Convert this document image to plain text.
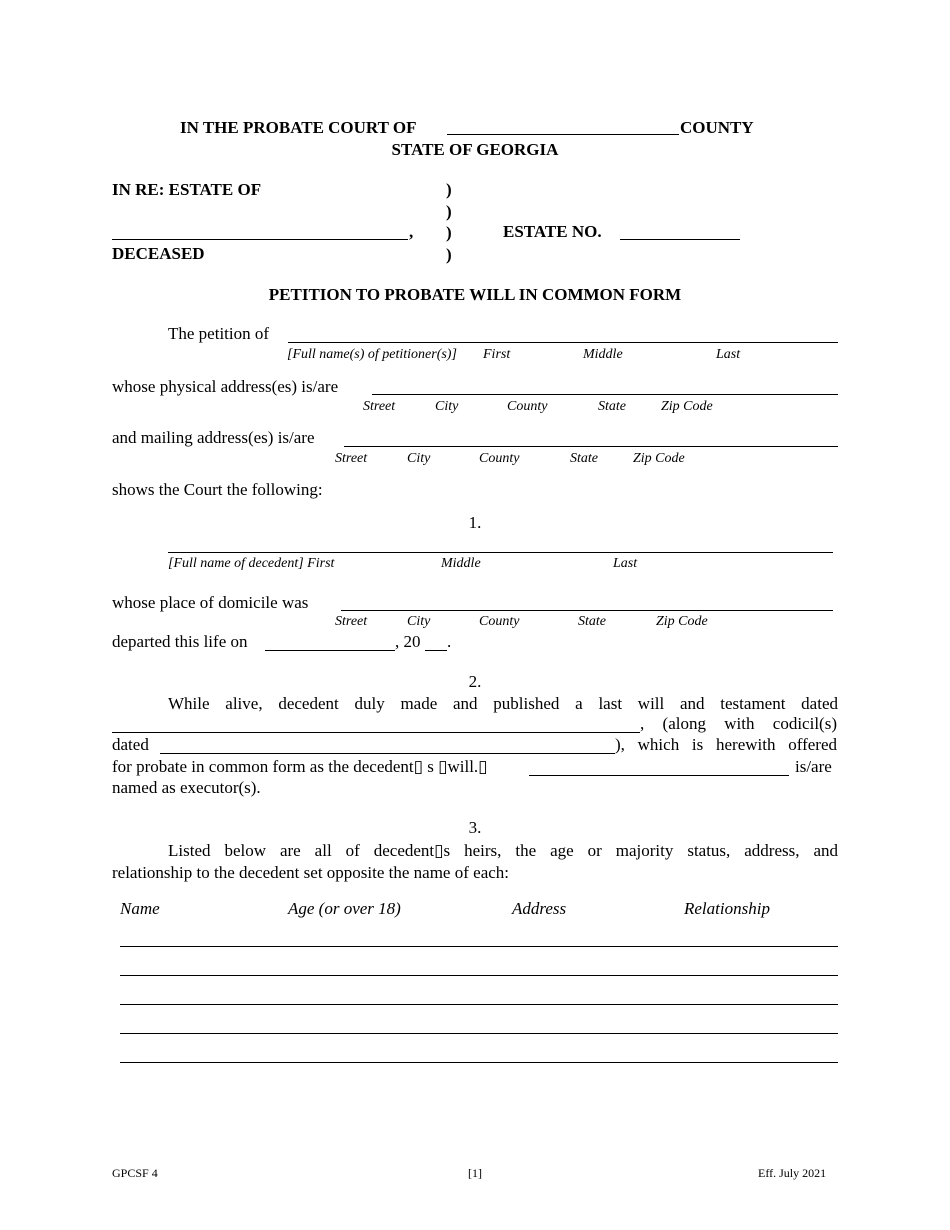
IN THE PROBATE COURT OF	COUNTY
STATE OF GEORGIA
IN RE: ESTATE OF
,
DECEASED
)
)
)
)
ESTATE NO.
PETITION TO PROBATE WILL IN COMMON FORM
The petition of
[Full name(s) of petitioner(s)] First	Middle	Last
whose physical address(es) is/are
Street	City	County	State	Zip Code
and mailing address(es) is/are
Street	City	County	State	Zip Code
shows the Court the following:
1.
[Full name of decedent] First	Middle	Last
whose place of domicile was
Street	City	County	State	Zip Code
departed this life on	, 20 .
2.
While alive, decedent duly made and published a last will and testament dated
, (along with codicil(s)
dated	), which is herewith offered
for probate in common form as the decedent▯ s ▯will.▯	is/are
named as executor(s).
3.
Listed below are all of decedent▯s heirs, the age or majority status, address, and
relationship to the decedent set opposite the name of each:
Name	Age (or over 18)	Address	Relationship
GPCSF 4	[1]	Eff. July 2021
